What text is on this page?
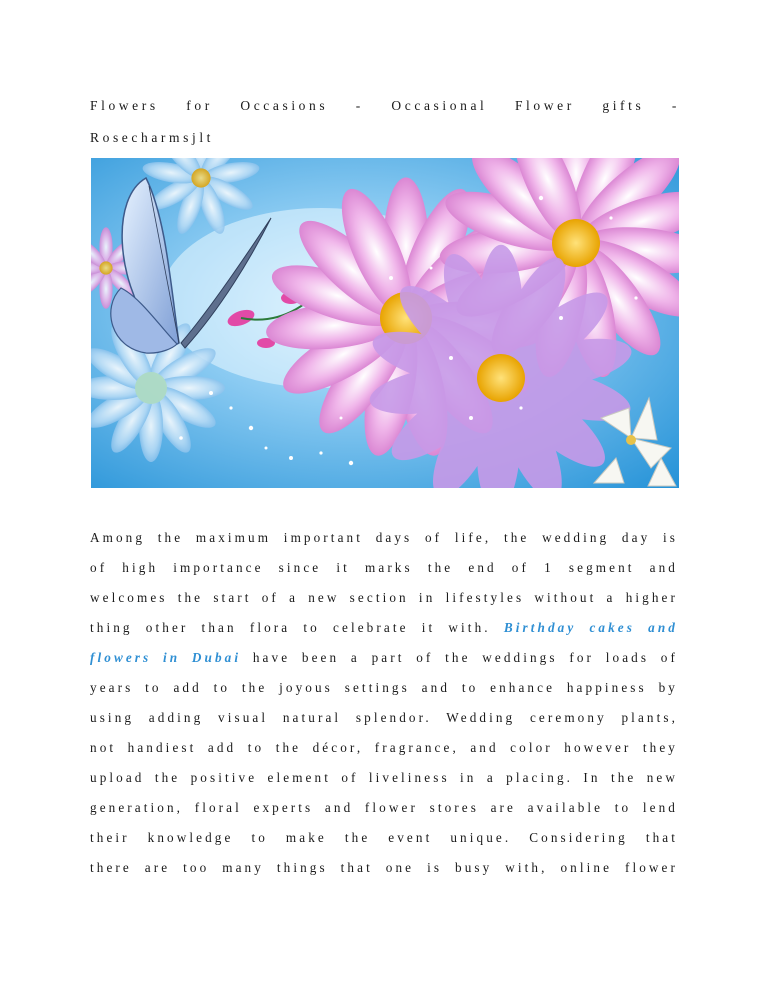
Flowers for Occasions - Occasional Flower gifts -
Rosecharmsjlt
Among the maximum important days of life, the wedding day is
of high importance since it marks the end of 1 segment and
welcomes the start of a new section in lifestyles without a higher
thing other than flora to celebrate it with. Birthday cakes and
flowers in Dubai have been a part of the weddings for loads of
years to add to the joyous settings and to enhance happiness by
using adding visual natural splendor. Wedding ceremony plants,
not handiest add to the décor, fragrance, and color however they
upload the positive element of liveliness in a placing. In the new
generation, floral experts and flower stores are available to lend
their knowledge to make the event unique. Considering that
there are too many things that one is busy with, online flower
